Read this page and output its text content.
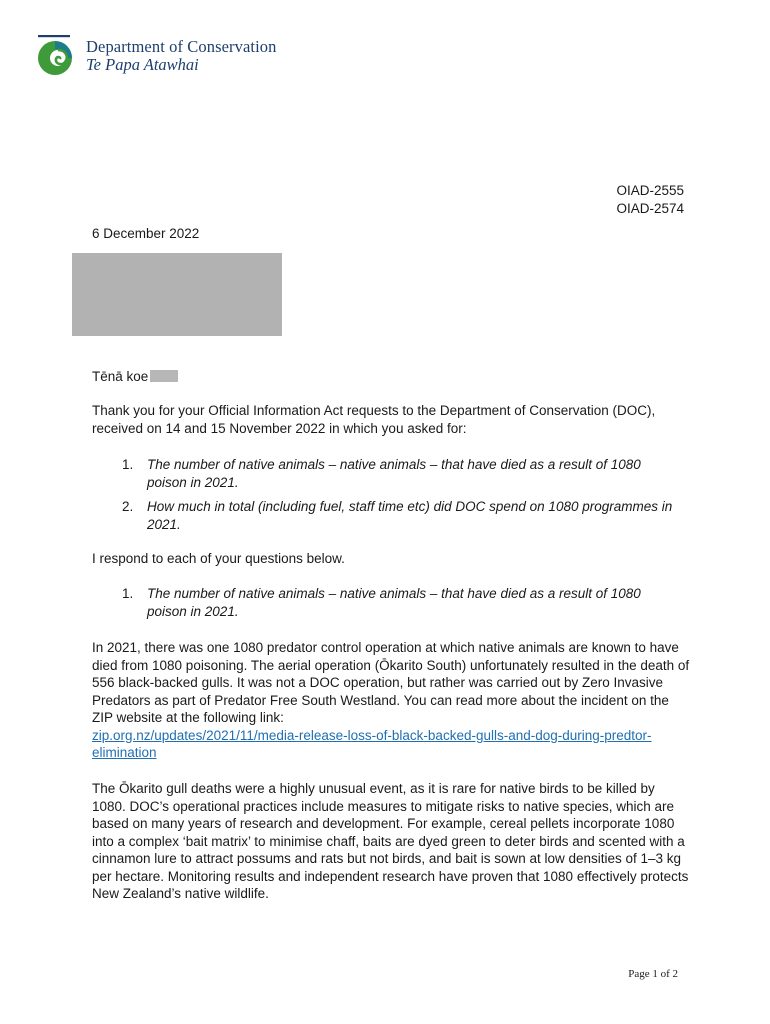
Department of Conservation
Te Papa Atawhai
OIAD-2555
OIAD-2574
6 December 2022
Tēnā koe
Thank you for your Official Information Act requests to the Department of Conservation (DOC), received on 14 and 15 November 2022 in which you asked for:
1. The number of native animals – native animals – that have died as a result of 1080 poison in 2021.
2. How much in total (including fuel, staff time etc) did DOC spend on 1080 programmes in 2021.
I respond to each of your questions below.
1. The number of native animals – native animals – that have died as a result of 1080 poison in 2021.
In 2021, there was one 1080 predator control operation at which native animals are known to have died from 1080 poisoning. The aerial operation (Ōkarito South) unfortunately resulted in the death of 556 black-backed gulls. It was not a DOC operation, but rather was carried out by Zero Invasive Predators as part of Predator Free South Westland. You can read more about the incident on the ZIP website at the following link:
zip.org.nz/updates/2021/11/media-release-loss-of-black-backed-gulls-and-dog-during-predtor-elimination
The Ōkarito gull deaths were a highly unusual event, as it is rare for native birds to be killed by 1080. DOC’s operational practices include measures to mitigate risks to native species, which are based on many years of research and development. For example, cereal pellets incorporate 1080 into a complex ‘bait matrix’ to minimise chaff, baits are dyed green to deter birds and scented with a cinnamon lure to attract possums and rats but not birds, and bait is sown at low densities of 1–3 kg per hectare. Monitoring results and independent research have proven that 1080 effectively protects New Zealand’s native wildlife.
Page 1 of 2
